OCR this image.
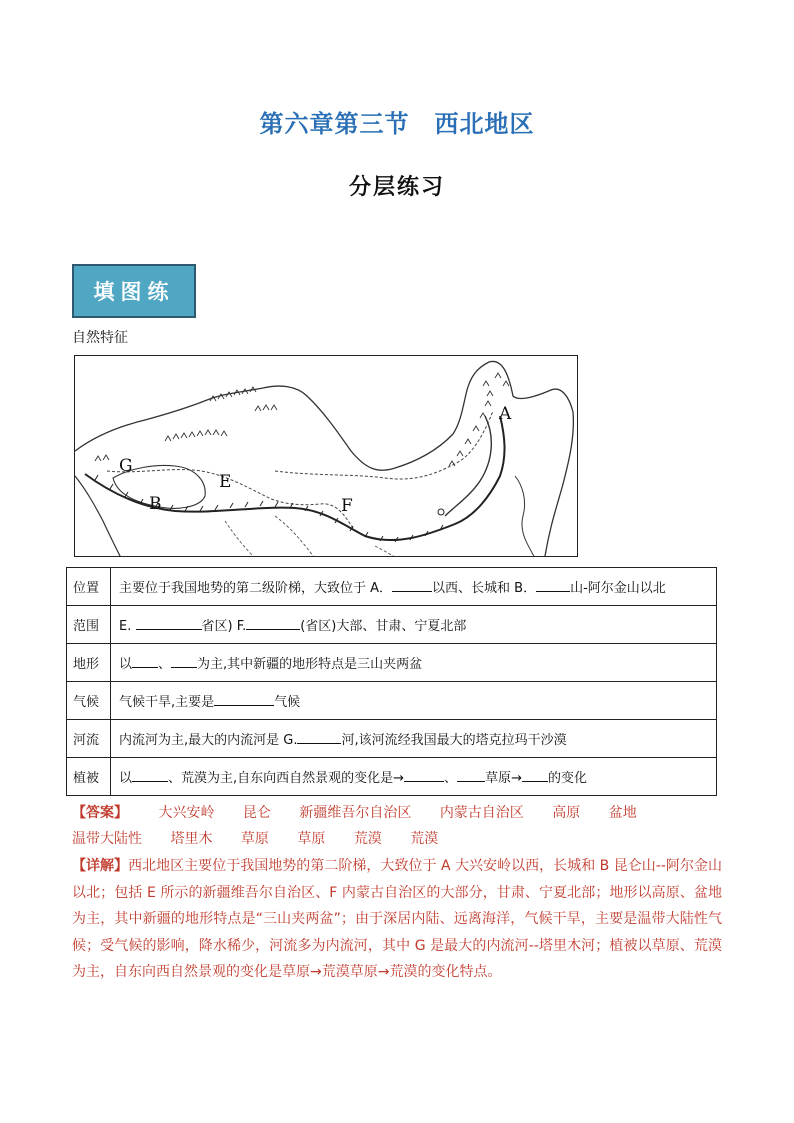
第六章第三节　西北地区
分层练习
填图练
自然特征
A
G
E
B	F
位置	主要位于我国地势的第二级阶梯，大致位于 A． 以西、长城和 B． 山-阿尔金山以北
范围	E. 省区) F. (省区)大部、甘肃、宁夏北部
地形	以 、 为主,其中新疆的地形特点是三山夹两盆
气候	气候干旱,主要是 气候
河流	内流河为主,最大的内流河是 G. 河,该河流经我国最大的塔克拉玛干沙漠
植被	以 、荒漠为主,自东向西自然景观的变化是→ 、 草原→ 的变化
【答案】 大兴安岭 昆仑 新疆维吾尔自治区 内蒙古自治区 高原 盆地
温带大陆性 塔里木 草原 草原 荒漠 荒漠
【详解】西北地区主要位于我国地势的第二阶梯，大致位于 A 大兴安岭以西，长城和 B 昆仑山--阿尔金山以北；包括 E 所示的新疆维吾尔自治区、F 内蒙古自治区的大部分，甘肃、宁夏北部；地形以高原、盆地为主，其中新疆的地形特点是“三山夹两盆”；由于深居内陆、远离海洋，气候干旱，主要是温带大陆性气候；受气候的影响，降水稀少，河流多为内流河，其中 G 是最大的内流河--塔里木河；植被以草原、荒漠为主，自东向西自然景观的变化是草原→荒漠草原→荒漠的变化特点。
